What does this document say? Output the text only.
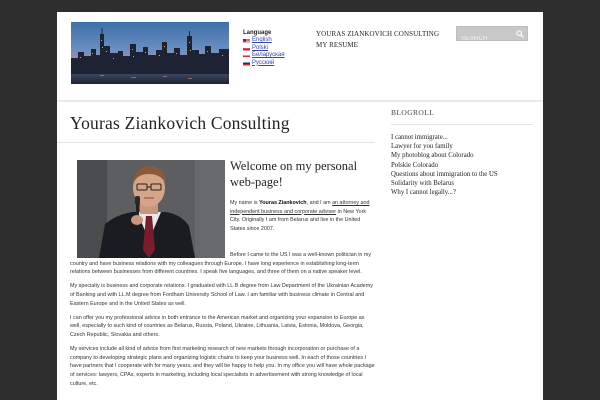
Language
English
Polski
Беларуская
Русский
YOURAS ZIANKOVICH CONSULTING
MY RESUME
SEARCH
Youras Ziankovich Consulting
Welcome on my personal web-page!
My name is Youras Ziankovich, and I am an attorney and independent business and corporate adviser in New York City. Originally I am from Belarus and live in the United States since 2007.

Before I came to the US I was a well-known politician in my country and have business relations with my colleagues through Europe. I have long experience in establishing long-term relations between businesses from different countries. I speak five languages, and three of them on a native speaker level.

My specialty is business and corporate relations. I graduated with LL.B degree from Law Department of the Ukrainian Academy of Banking and with LL.M degree from Fordham University School of Law. I am familiar with business climate in Central and Eastern Europe and in the United States as well.

I can offer you my professional advice in both entrance to the American market and organizing your expansion to Europe as well, especially to such kind of countries as Belarus, Russia, Poland, Ukraine, Lithuania, Latvia, Estonia, Moldova, Georgia, Czech Republic, Slovakia and others.

My services include all kind of advice from first marketing research of new markets through incorporation or purchase of a company to developing strategic plans and organizing logistic chains to keep your business well. In each of those countries I have partners that I cooperate with for many years, and they will be happy to help you. In my office you will have whole package of services: lawyers, CPAs, experts in marketing, including local specialists in advertisement with strong knowledge of local culture, etc.

BLOGROLL
I cannot immigrate...
Lawyer for you family
My photoblog about Colorado
Polskie Colorado
Questions about immigration to the US
Solidarity with Belarus
Why I cannot legally...?
